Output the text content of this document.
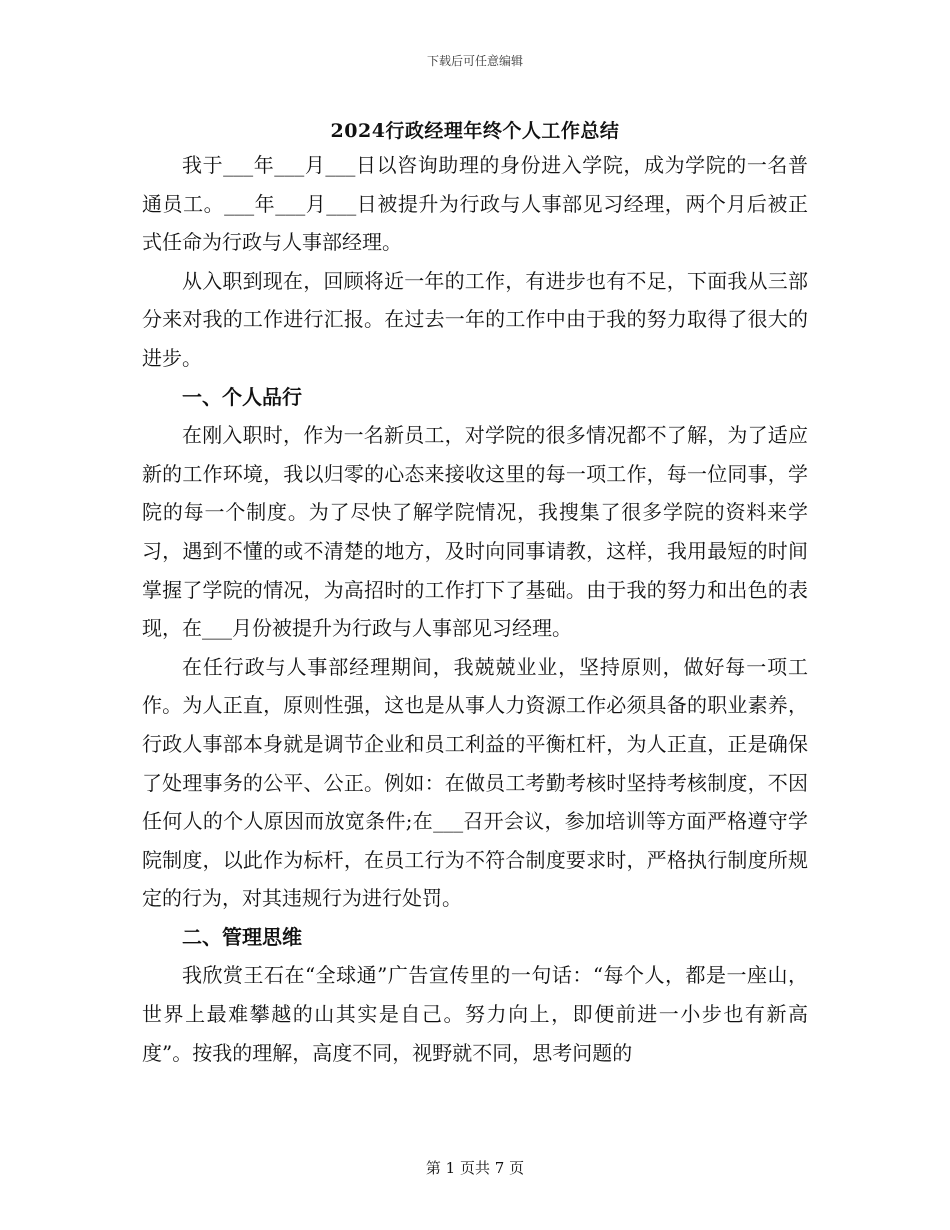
下载后可任意编辑
2024行政经理年终个人工作总结

我于___年___月___日以咨询助理的身份进入学院，成为学院的一名普通员工。___年___月___日被提升为行政与人事部见习经理，两个月后被正式任命为行政与人事部经理。

从入职到现在，回顾将近一年的工作，有进步也有不足，下面我从三部分来对我的工作进行汇报。在过去一年的工作中由于我的努力取得了很大的进步。

一、个人品行

在刚入职时，作为一名新员工，对学院的很多情况都不了解，为了适应新的工作环境，我以归零的心态来接收这里的每一项工作，每一位同事，学院的每一个制度。为了尽快了解学院情况，我搜集了很多学院的资料来学习，遇到不懂的或不清楚的地方，及时向同事请教，这样，我用最短的时间掌握了学院的情况，为高招时的工作打下了基础。由于我的努力和出色的表现，在___月份被提升为行政与人事部见习经理。

在任行政与人事部经理期间，我兢兢业业，坚持原则，做好每一项工作。为人正直，原则性强，这也是从事人力资源工作必须具备的职业素养，行政人事部本身就是调节企业和员工利益的平衡杠杆，为人正直，正是确保了处理事务的公平、公正。例如：在做员工考勤考核时坚持考核制度，不因任何人的个人原因而放宽条件;在___召开会议，参加培训等方面严格遵守学院制度，以此作为标杆，在员工行为不符合制度要求时，严格执行制度所规定的行为，对其违规行为进行处罚。

二、管理思维

我欣赏王石在“全球通”广告宣传里的一句话：“每个人，都是一座山，世界上最难攀越的山其实是自己。努力向上，即便前进一小步也有新高度”。按我的理解，高度不同，视野就不同，思考问题的

第 1 页共 7 页
